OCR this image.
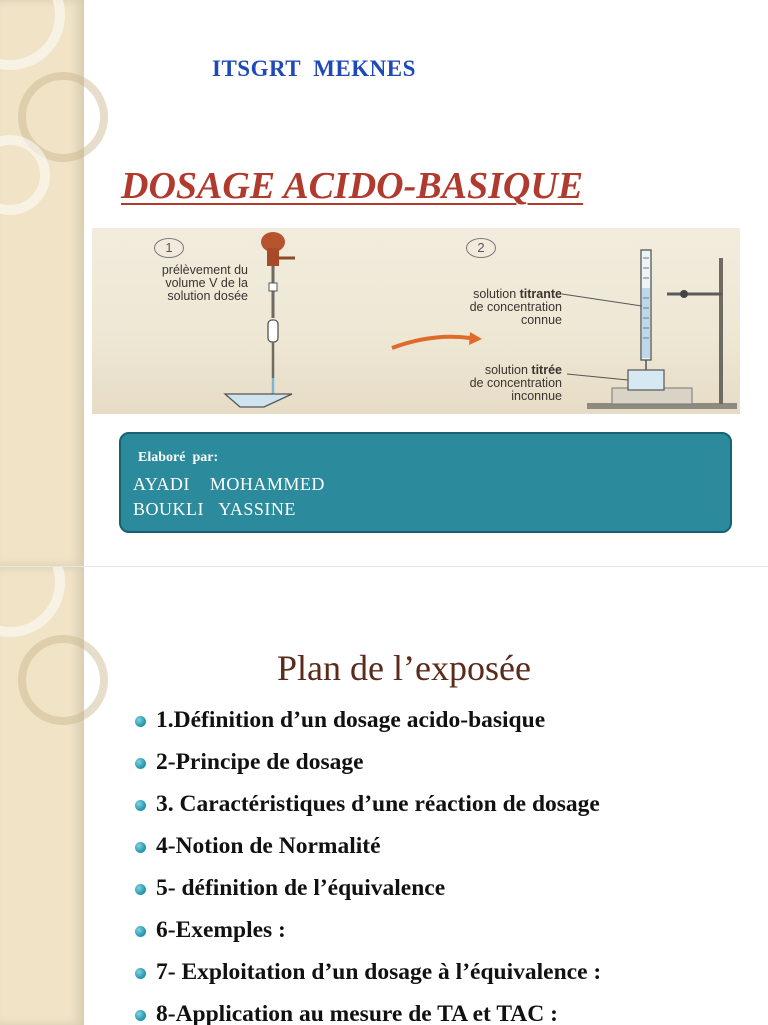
ITSGRT  MEKNES

DOSAGE ACIDO-BASIQUE
1	2

prélèvement du
volume V de la
solution dosée	solution titrante
de concentration
connue

solution titrée
de concentration
inconnue

Elaboré  par:

AYADI    MOHAMMED

BOUKLI   YASSINE

Plan de l’exposée
1.Définition d’un dosage acido-basique
2-Principe de dosage
3. Caractéristiques d’une réaction de dosage
4-Notion de Normalité
5- définition de l’équivalence
6-Exemples :
7- Exploitation d’un dosage à l’équivalence :
8-Application au mesure de TA et TAC :
